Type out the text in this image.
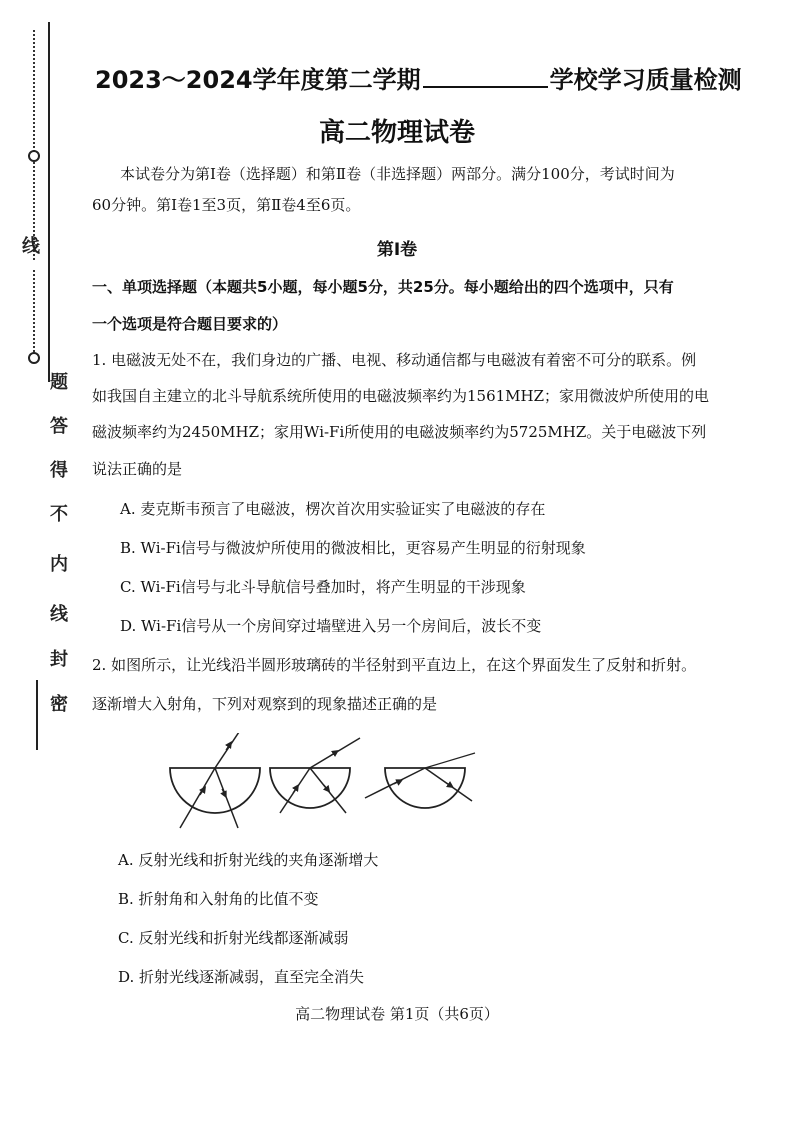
线
题
答
得
不
内
线
封
密
2023～2024学年度第二学期	学校学习质量检测
高二物理试卷
本试卷分为第Ⅰ卷（选择题）和第Ⅱ卷（非选择题）两部分。满分100分，考试时间为
60分钟。第Ⅰ卷1至3页，第Ⅱ卷4至6页。
第Ⅰ卷
一、单项选择题（本题共5小题，每小题5分，共25分。每小题给出的四个选项中，只有
一个选项是符合题目要求的）
1. 电磁波无处不在，我们身边的广播、电视、移动通信都与电磁波有着密不可分的联系。例
如我国自主建立的北斗导航系统所使用的电磁波频率约为1561MHZ；家用微波炉所使用的电
磁波频率约为2450MHZ；家用Wi-Fi所使用的电磁波频率约为5725MHZ。关于电磁波下列
说法正确的是
A. 麦克斯韦预言了电磁波，楞次首次用实验证实了电磁波的存在
B. Wi-Fi信号与微波炉所使用的微波相比，更容易产生明显的衍射现象
C. Wi-Fi信号与北斗导航信号叠加时，将产生明显的干涉现象
D. Wi-Fi信号从一个房间穿过墙壁进入另一个房间后，波长不变
2. 如图所示，让光线沿半圆形玻璃砖的半径射到平直边上，在这个界面发生了反射和折射。
逐渐增大入射角，下列对观察到的现象描述正确的是
A. 反射光线和折射光线的夹角逐渐增大
B. 折射角和入射角的比值不变
C. 反射光线和折射光线都逐渐减弱
D. 折射光线逐渐减弱，直至完全消失
高二物理试卷 第1页（共6页）
